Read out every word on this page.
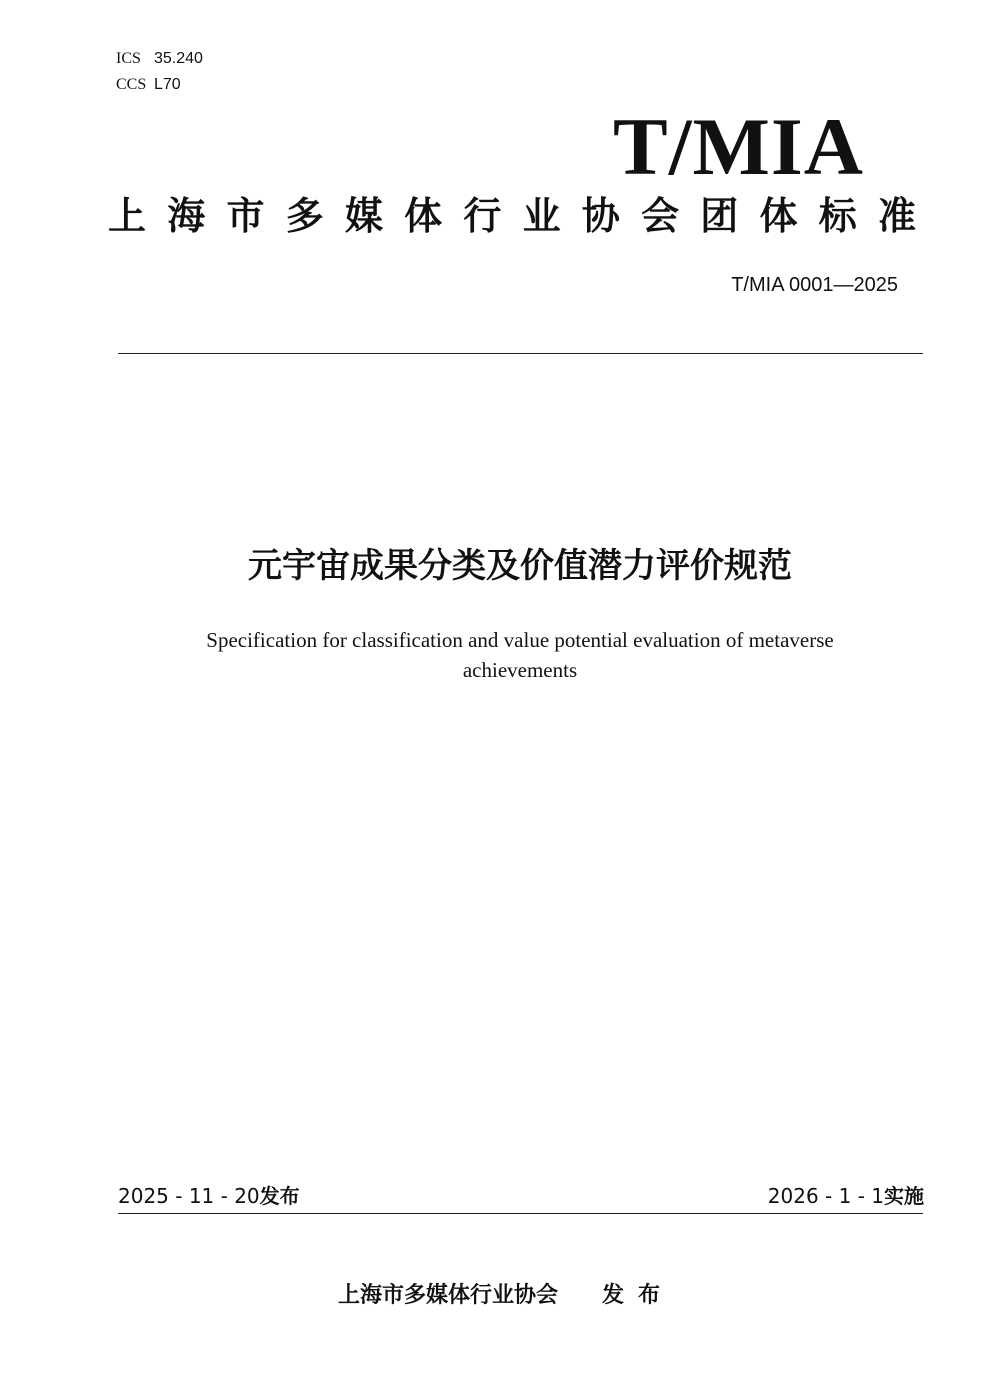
ICS 35.240
CCS L70
T/MIA
上海市多媒体行业协会团体标准
T/MIA 0001—2025
元宇宙成果分类及价值潜力评价规范
Specification for classification and value potential evaluation of metaverse achievements
2025 - 11 - 20发布	2026 - 1 - 1实施
上海市多媒体行业协会 发布
